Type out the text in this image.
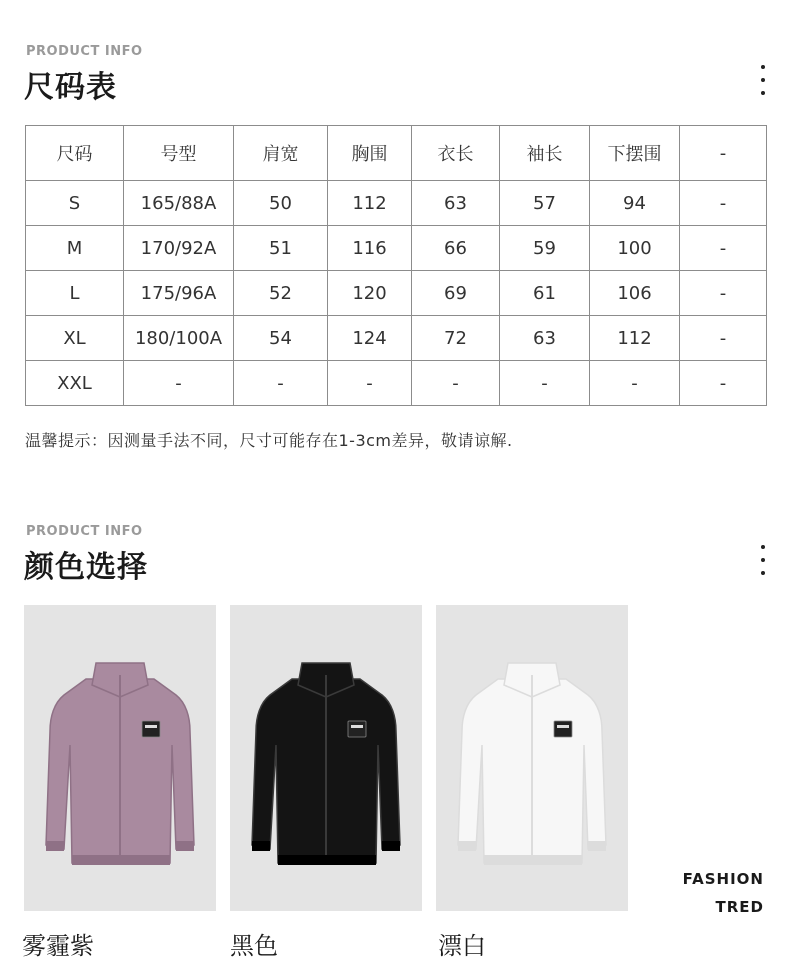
PRODUCT INFO
尺码表
尺码	号型	肩宽	胸围	衣长	袖长	下摆围	-
S	165/88A	50	112	63	57	94	-
M	170/92A	51	116	66	59	100	-
L	175/96A	52	120	69	61	106	-
XL	180/100A	54	124	72	63	112	-
XXL	-	-	-	-	-	-	-
温馨提示：因测量手法不同，尺寸可能存在1-3cm差异，敬请谅解.
PRODUCT INFO
颜色选择
雾霾紫	黑色	漂白
FASHION
TRED
